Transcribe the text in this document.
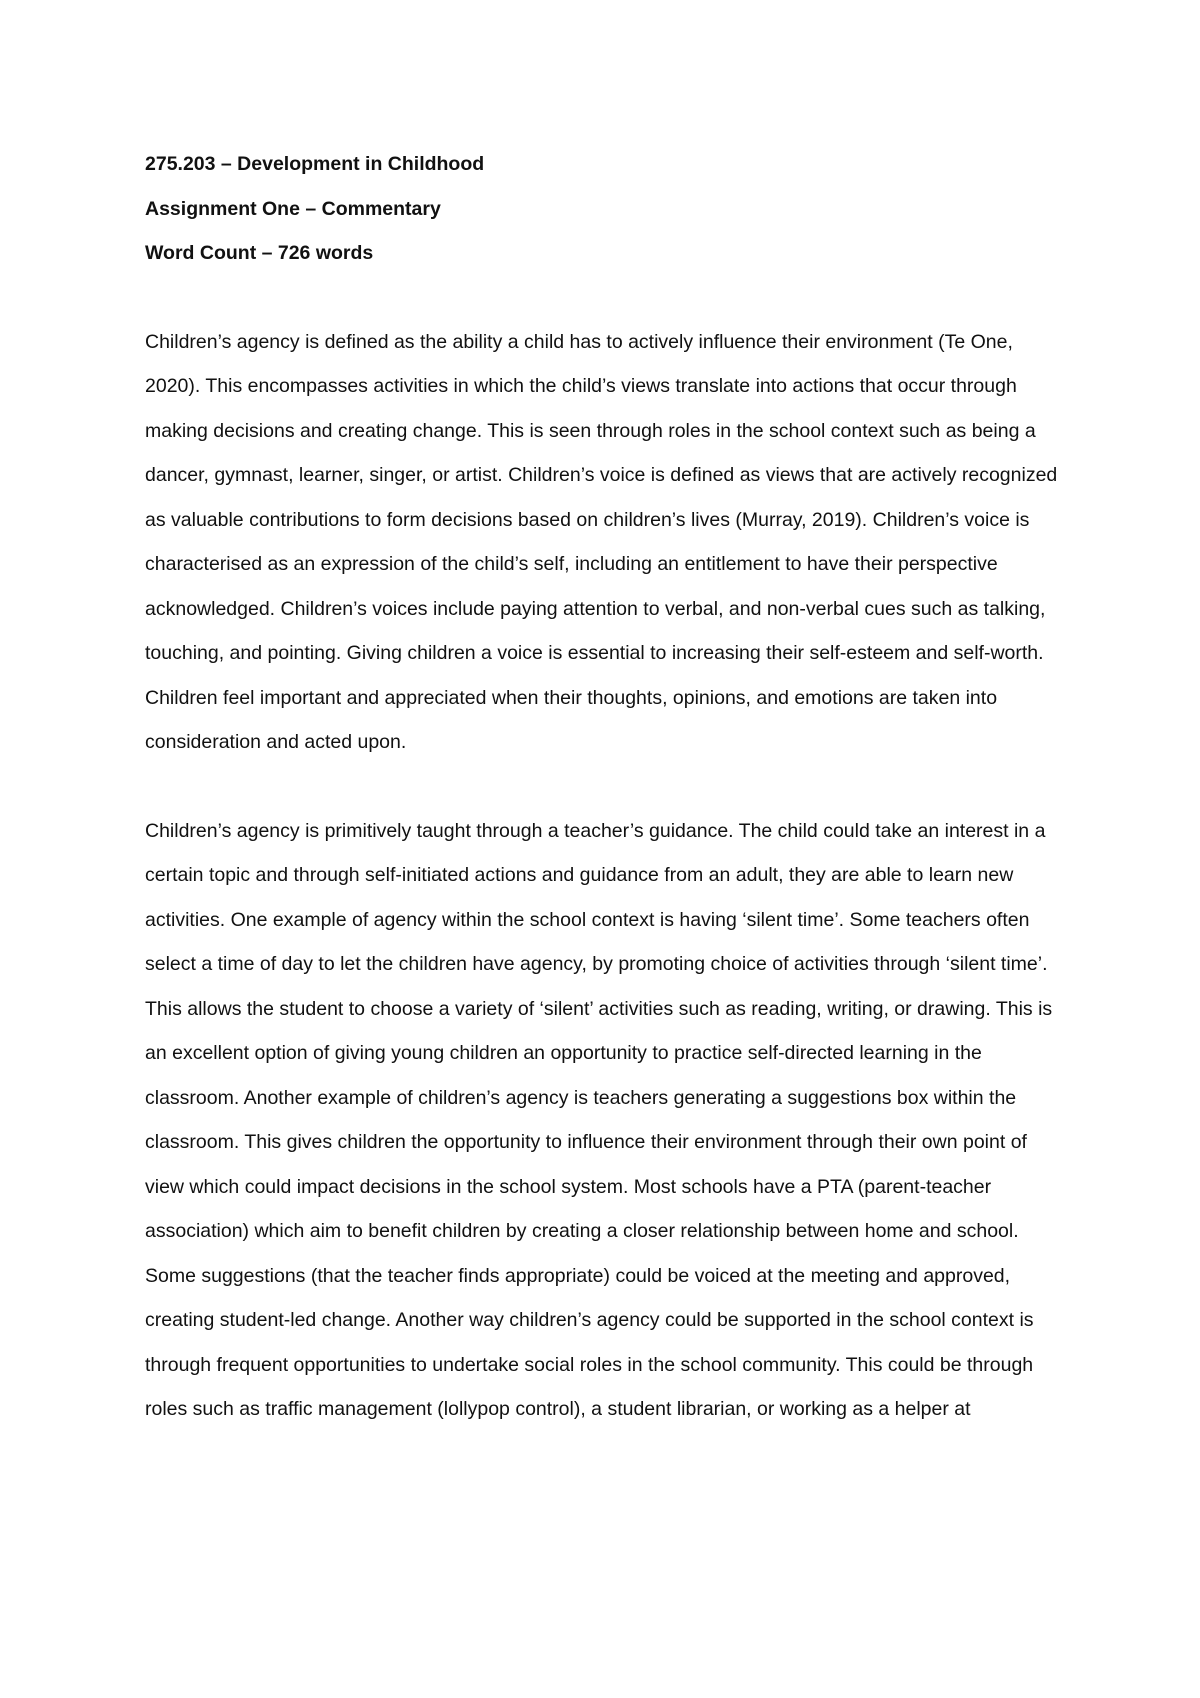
275.203 – Development in Childhood

Assignment One – Commentary

Word Count – 726 words

Children’s agency is defined as the ability a child has to actively influence their environment (Te One, 2020). This encompasses activities in which the child’s views translate into actions that occur through making decisions and creating change. This is seen through roles in the school context such as being a dancer, gymnast, learner, singer, or artist. Children’s voice is defined as views that are actively recognized as valuable contributions to form decisions based on children’s lives (Murray, 2019). Children’s voice is characterised as an expression of the child’s self, including an entitlement to have their perspective acknowledged. Children’s voices include paying attention to verbal, and non-verbal cues such as talking, touching, and pointing. Giving children a voice is essential to increasing their self-esteem and self-worth. Children feel important and appreciated when their thoughts, opinions, and emotions are taken into consideration and acted upon.

Children’s agency is primitively taught through a teacher’s guidance. The child could take an interest in a certain topic and through self-initiated actions and guidance from an adult, they are able to learn new activities. One example of agency within the school context is having ‘silent time’. Some teachers often select a time of day to let the children have agency, by promoting choice of activities through ‘silent time’. This allows the student to choose a variety of ‘silent’ activities such as reading, writing, or drawing. This is an excellent option of giving young children an opportunity to practice self-directed learning in the classroom. Another example of children’s agency is teachers generating a suggestions box within the classroom. This gives children the opportunity to influence their environment through their own point of view which could impact decisions in the school system. Most schools have a PTA (parent-teacher association) which aim to benefit children by creating a closer relationship between home and school. Some suggestions (that the teacher finds appropriate) could be voiced at the meeting and approved, creating student-led change. Another way children’s agency could be supported in the school context is through frequent opportunities to undertake social roles in the school community. This could be through roles such as traffic management (lollypop control), a student librarian, or working as a helper at
